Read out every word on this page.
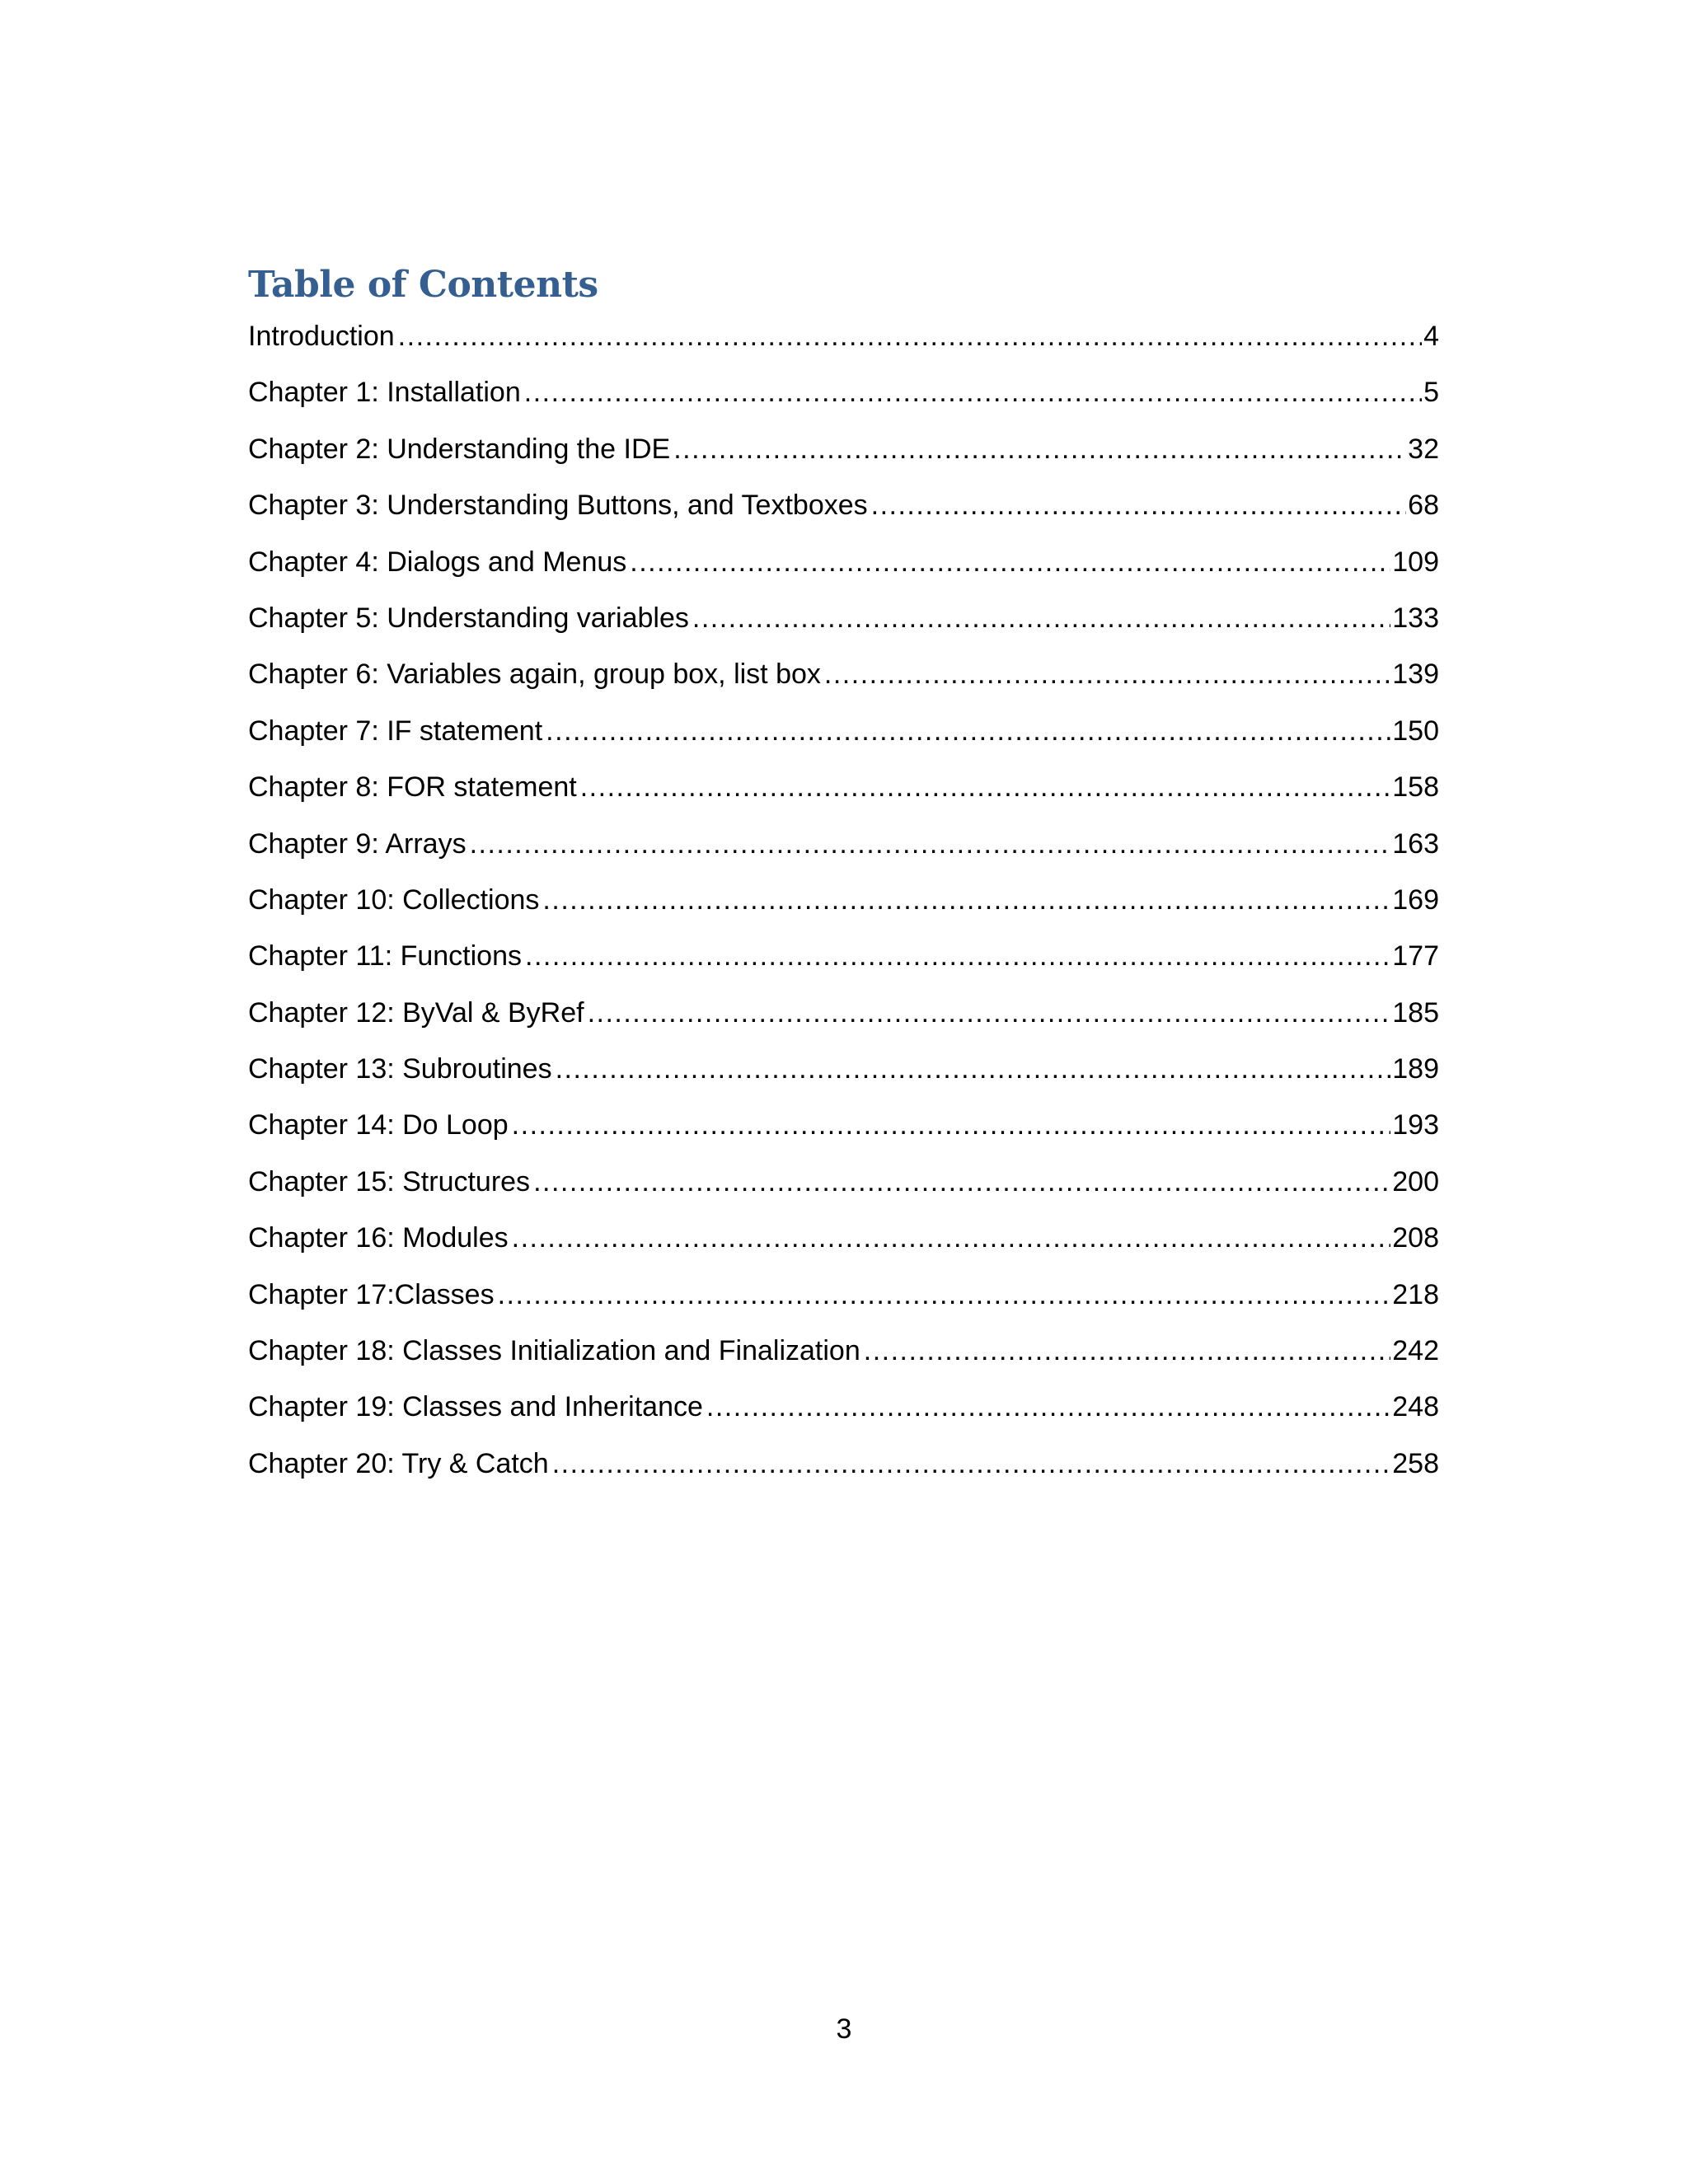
Table of Contents
Introduction .....	4
Chapter 1: Installation .....	5
Chapter 2: Understanding the IDE .....	32
Chapter 3: Understanding Buttons, and Textboxes .....	68
Chapter 4: Dialogs and Menus .....	109
Chapter 5: Understanding variables .....	133
Chapter 6: Variables again, group box, list box .....	139
Chapter 7: IF statement .....	150
Chapter 8: FOR statement .....	158
Chapter 9: Arrays .....	163
Chapter 10: Collections .....	169
Chapter 11: Functions .....	177
Chapter 12: ByVal & ByRef .....	185
Chapter 13: Subroutines .....	189
Chapter 14: Do Loop .....	193
Chapter 15: Structures .....	200
Chapter 16: Modules .....	208
Chapter 17:Classes .....	218
Chapter 18: Classes Initialization and Finalization .....	242
Chapter 19: Classes and Inheritance .....	248
Chapter 20: Try & Catch .....	258
3
